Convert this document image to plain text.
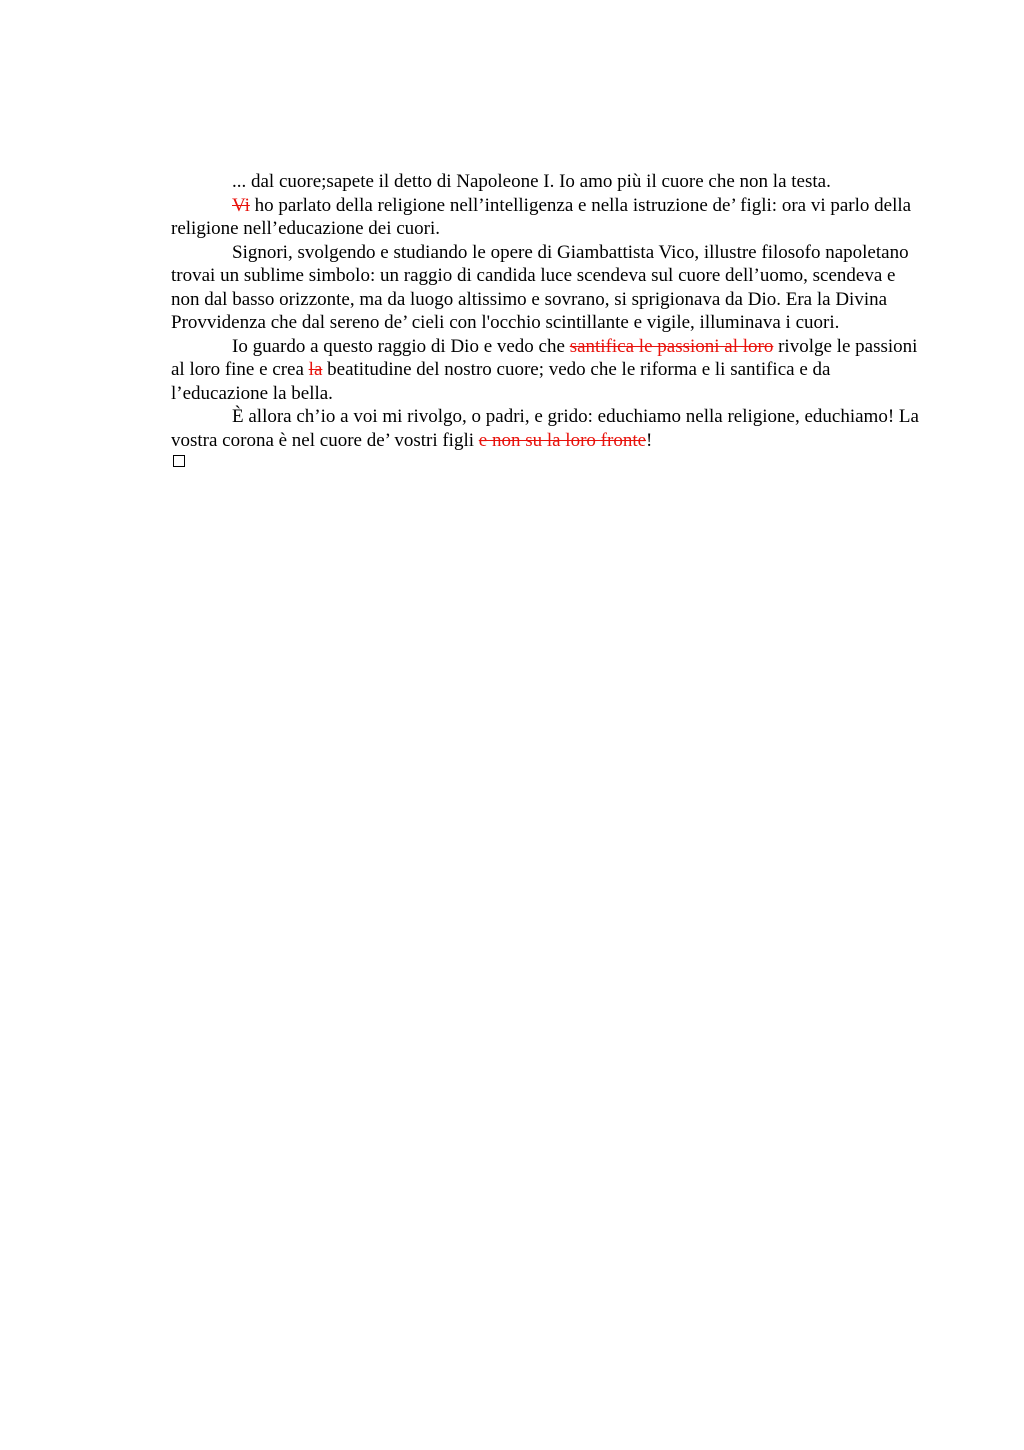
... dal cuore;sapete il detto di Napoleone I. Io amo più il cuore che non la testa.

Vi ho parlato della religione nell’intelligenza e nella istruzione de’ figli: ora vi parlo della religione nell’educazione dei cuori.

Signori, svolgendo e studiando le opere di Giambattista Vico, illustre filosofo napoletano trovai un sublime simbolo: un raggio di candida luce scendeva sul cuore dell’uomo, scendeva e non dal basso orizzonte, ma da luogo altissimo e sovrano, si sprigionava da Dio. Era la Divina Provvidenza che dal sereno de’ cieli con l'occhio scintillante e vigile, illuminava i cuori.

Io guardo a questo raggio di Dio e vedo che santifica le passioni al loro rivolge le passioni al loro fine e crea la beatitudine del nostro cuore; vedo che le riforma e li santifica e da l’educazione la bella.

È allora ch’io a voi mi rivolgo, o padri, e grido: educhiamo nella religione, educhiamo! La vostra corona è nel cuore de’ vostri figli e non su la loro fronte!
